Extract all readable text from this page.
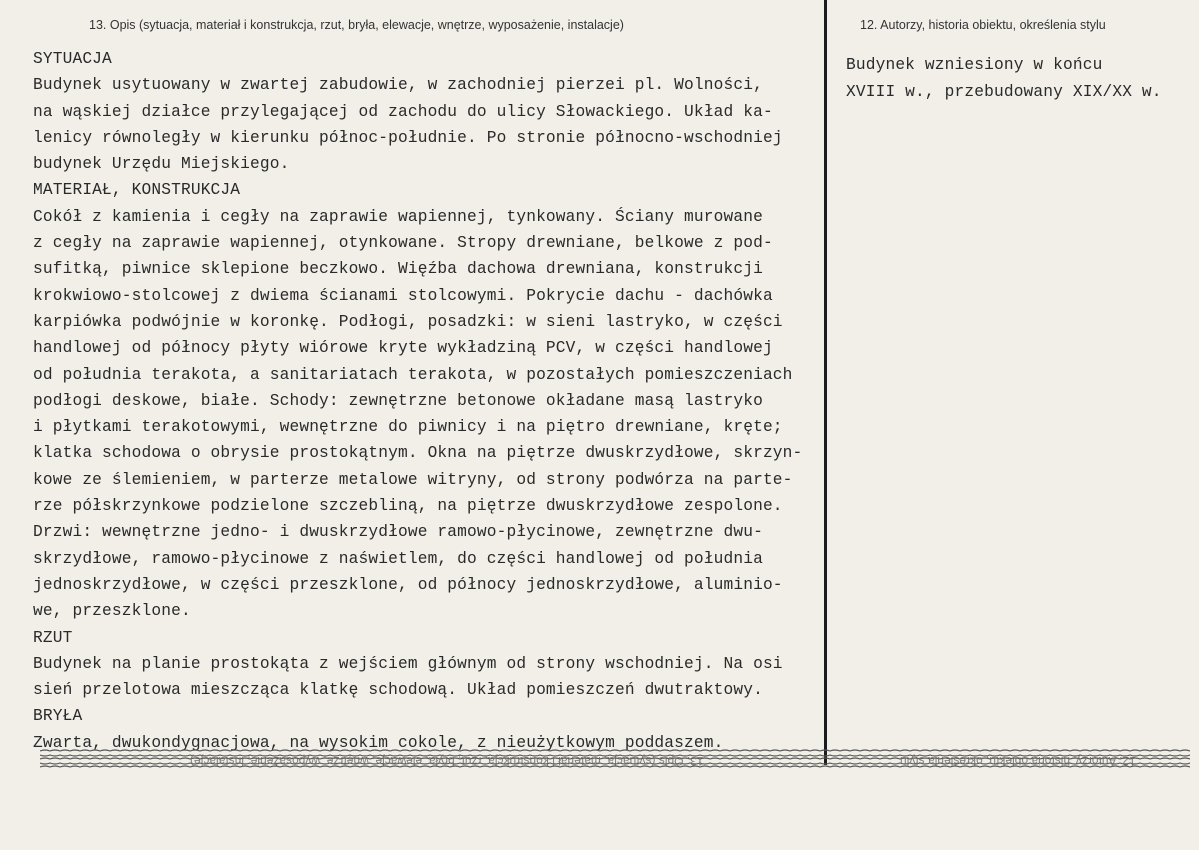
13. Opis (sytuacja, materiał i konstrukcja, rzut, bryła, elewacje, wnętrze, wyposażenie, instalacje)	12. Autorzy, historia obiektu, określenia stylu
SYTUACJA
Budynek usytuowany w zwartej zabudowie, w zachodniej pierzei pl. Wolności,
na wąskiej działce przylegającej od zachodu do ulicy Słowackiego. Układ ka-
lenicy równoległy w kierunku północ-południe. Po stronie północno-wschodniej
budynek Urzędu Miejskiego.
MATERIAŁ, KONSTRUKCJA
Cokół z kamienia i cegły na zaprawie wapiennej, tynkowany. Ściany murowane
z cegły na zaprawie wapiennej, otynkowane. Stropy drewniane, belkowe z pod-
sufitką, piwnice sklepione beczkowo. Więźba dachowa drewniana, konstrukcji
krokwiowo-stolcowej z dwiema ścianami stolcowymi. Pokrycie dachu - dachówka
karpiówka podwójnie w koronkę. Podłogi, posadzki: w sieni lastryko, w części
handlowej od północy płyty wiórowe kryte wykładziną PCV, w części handlowej
od południa terakota, a sanitariatach terakota, w pozostałych pomieszczeniach
podłogi deskowe, białe. Schody: zewnętrzne betonowe okładane masą lastryko
i płytkami terakotowymi, wewnętrzne do piwnicy i na piętro drewniane, kręte;
klatka schodowa o obrysie prostokątnym. Okna na piętrze dwuskrzydłowe, skrzyn-
kowe ze ślemieniem, w parterze metalowe witryny, od strony podwórza na parte-
rze półskrzynkowe podzielone szczebliną, na piętrze dwuskrzydłowe zespolone.
Drzwi: wewnętrzne jedno- i dwuskrzydłowe ramowo-płycinowe, zewnętrzne dwu-
skrzydłowe, ramowo-płycinowe z naświetlem, do części handlowej od południa
jednoskrzydłowe, w części przeszklone, od północy jednoskrzydłowe, aluminio-
we, przeszklone.
RZUT
Budynek na planie prostokąta z wejściem głównym od strony wschodniej. Na osi
sień przelotowa mieszcząca klatkę schodową. Układ pomieszczeń dwutraktowy.
BRYŁA
Zwarta, dwukondygnacjowa, na wysokim cokole, z nieużytkowym poddaszem.
Budynek wzniesiony w końcu
XVIII w., przebudowany XIX/XX w.
13. Opis (sytuacja, materiał i konstrukcja, rzut, bryła, elewacje, wnętrze, wyposażenie, instalacje)	12. Autorzy, historia obiektu, określenia stylu
